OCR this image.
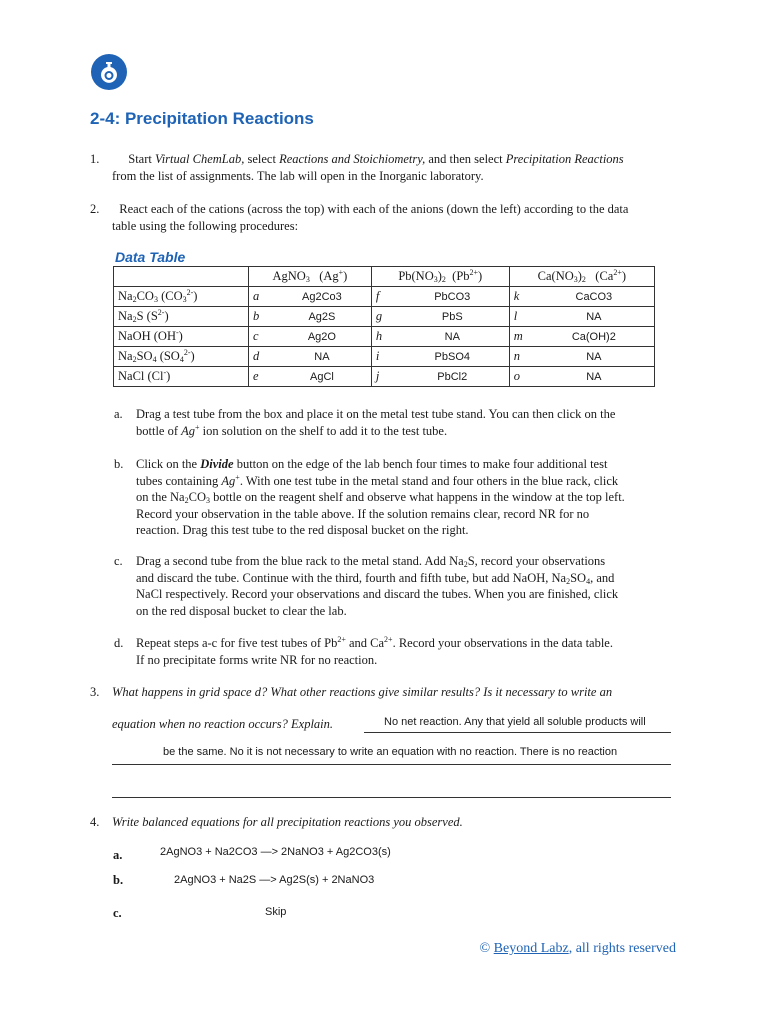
2-4: Precipitation Reactions
1. Start Virtual ChemLab, select Reactions and Stoichiometry, and then select Precipitation Reactions
from the list of assignments. The lab will open in the Inorganic laboratory.
2. React each of the cations (across the top) with each of the anions (down the left) according to the data
table using the following procedures:
Data Table
	AgNO$_3$ (Ag+)		$Pb(NO_3)_2$ $(Pb^{2+})$		$Ca(NO_3)_2$ $(Ca^{2+})$	
$Na_2CO_3$ $(CO_3^{2-})$	a	Ag2Co3	f	PbCO3	k	CaCO3
$Na_2S$ $(S^{2-})$	b	Ag2S	g	PbS	l	NA
NaOH (OH-)	c	Ag2O	h	NA	m	Ca(OH)2
$Na_2SO_4$ $(SO_4^{2-})$	d	NA	i	PbSO4	n	NA
NaCl (Cl-)	e	AgCl	j	PbCl2	o	NA
a. Drag a test tube from the box and place it on the metal test tube stand. You can then click on the
bottle of Ag+ ion solution on the shelf to add it to the test tube.
b. Click on the Divide button on the edge of the lab bench four times to make four additional test
tubes containing Ag+. With one test tube in the metal stand and four others in the blue rack, click
on the $Na_2CO_3$ bottle on the reagent shelf and observe what happens in the window at the top left.
Record your observation in the table above. If the solution remains clear, record NR for no
reaction. Drag this test tube to the red disposal bucket on the right.
c. Drag a second tube from the blue rack to the metal stand. Add $Na_2S$, record your observations
and discard the tube. Continue with the third, fourth and fifth tube, but add NaOH, $Na_2SO_4$, and
NaCl respectively. Record your observations and discard the tubes. When you are finished, click
on the red disposal bucket to clear the lab.
d. Repeat steps a-c for five test tubes of $Pb^{2+}$ and $Ca^{2+}$. Record your observations in the data table.
If no precipitate forms write NR for no reaction.
3. What happens in grid space d? What other reactions give similar results? Is it necessary to write an
equation when no reaction occurs? Explain.	No net reaction. Any that yield all soluble products will
be the same. No it is not necessary to write an equation with no reaction. There is no reaction
4. Write balanced equations for all precipitation reactions you observed.
a.	2AgNO3 + Na2CO3 —> 2NaNO3 + Ag2CO3(s)
b.	2AgNO3 + Na2S —> Ag2S(s) + 2NaNO3
c.	Skip
© Beyond Labz, all rights reserved
